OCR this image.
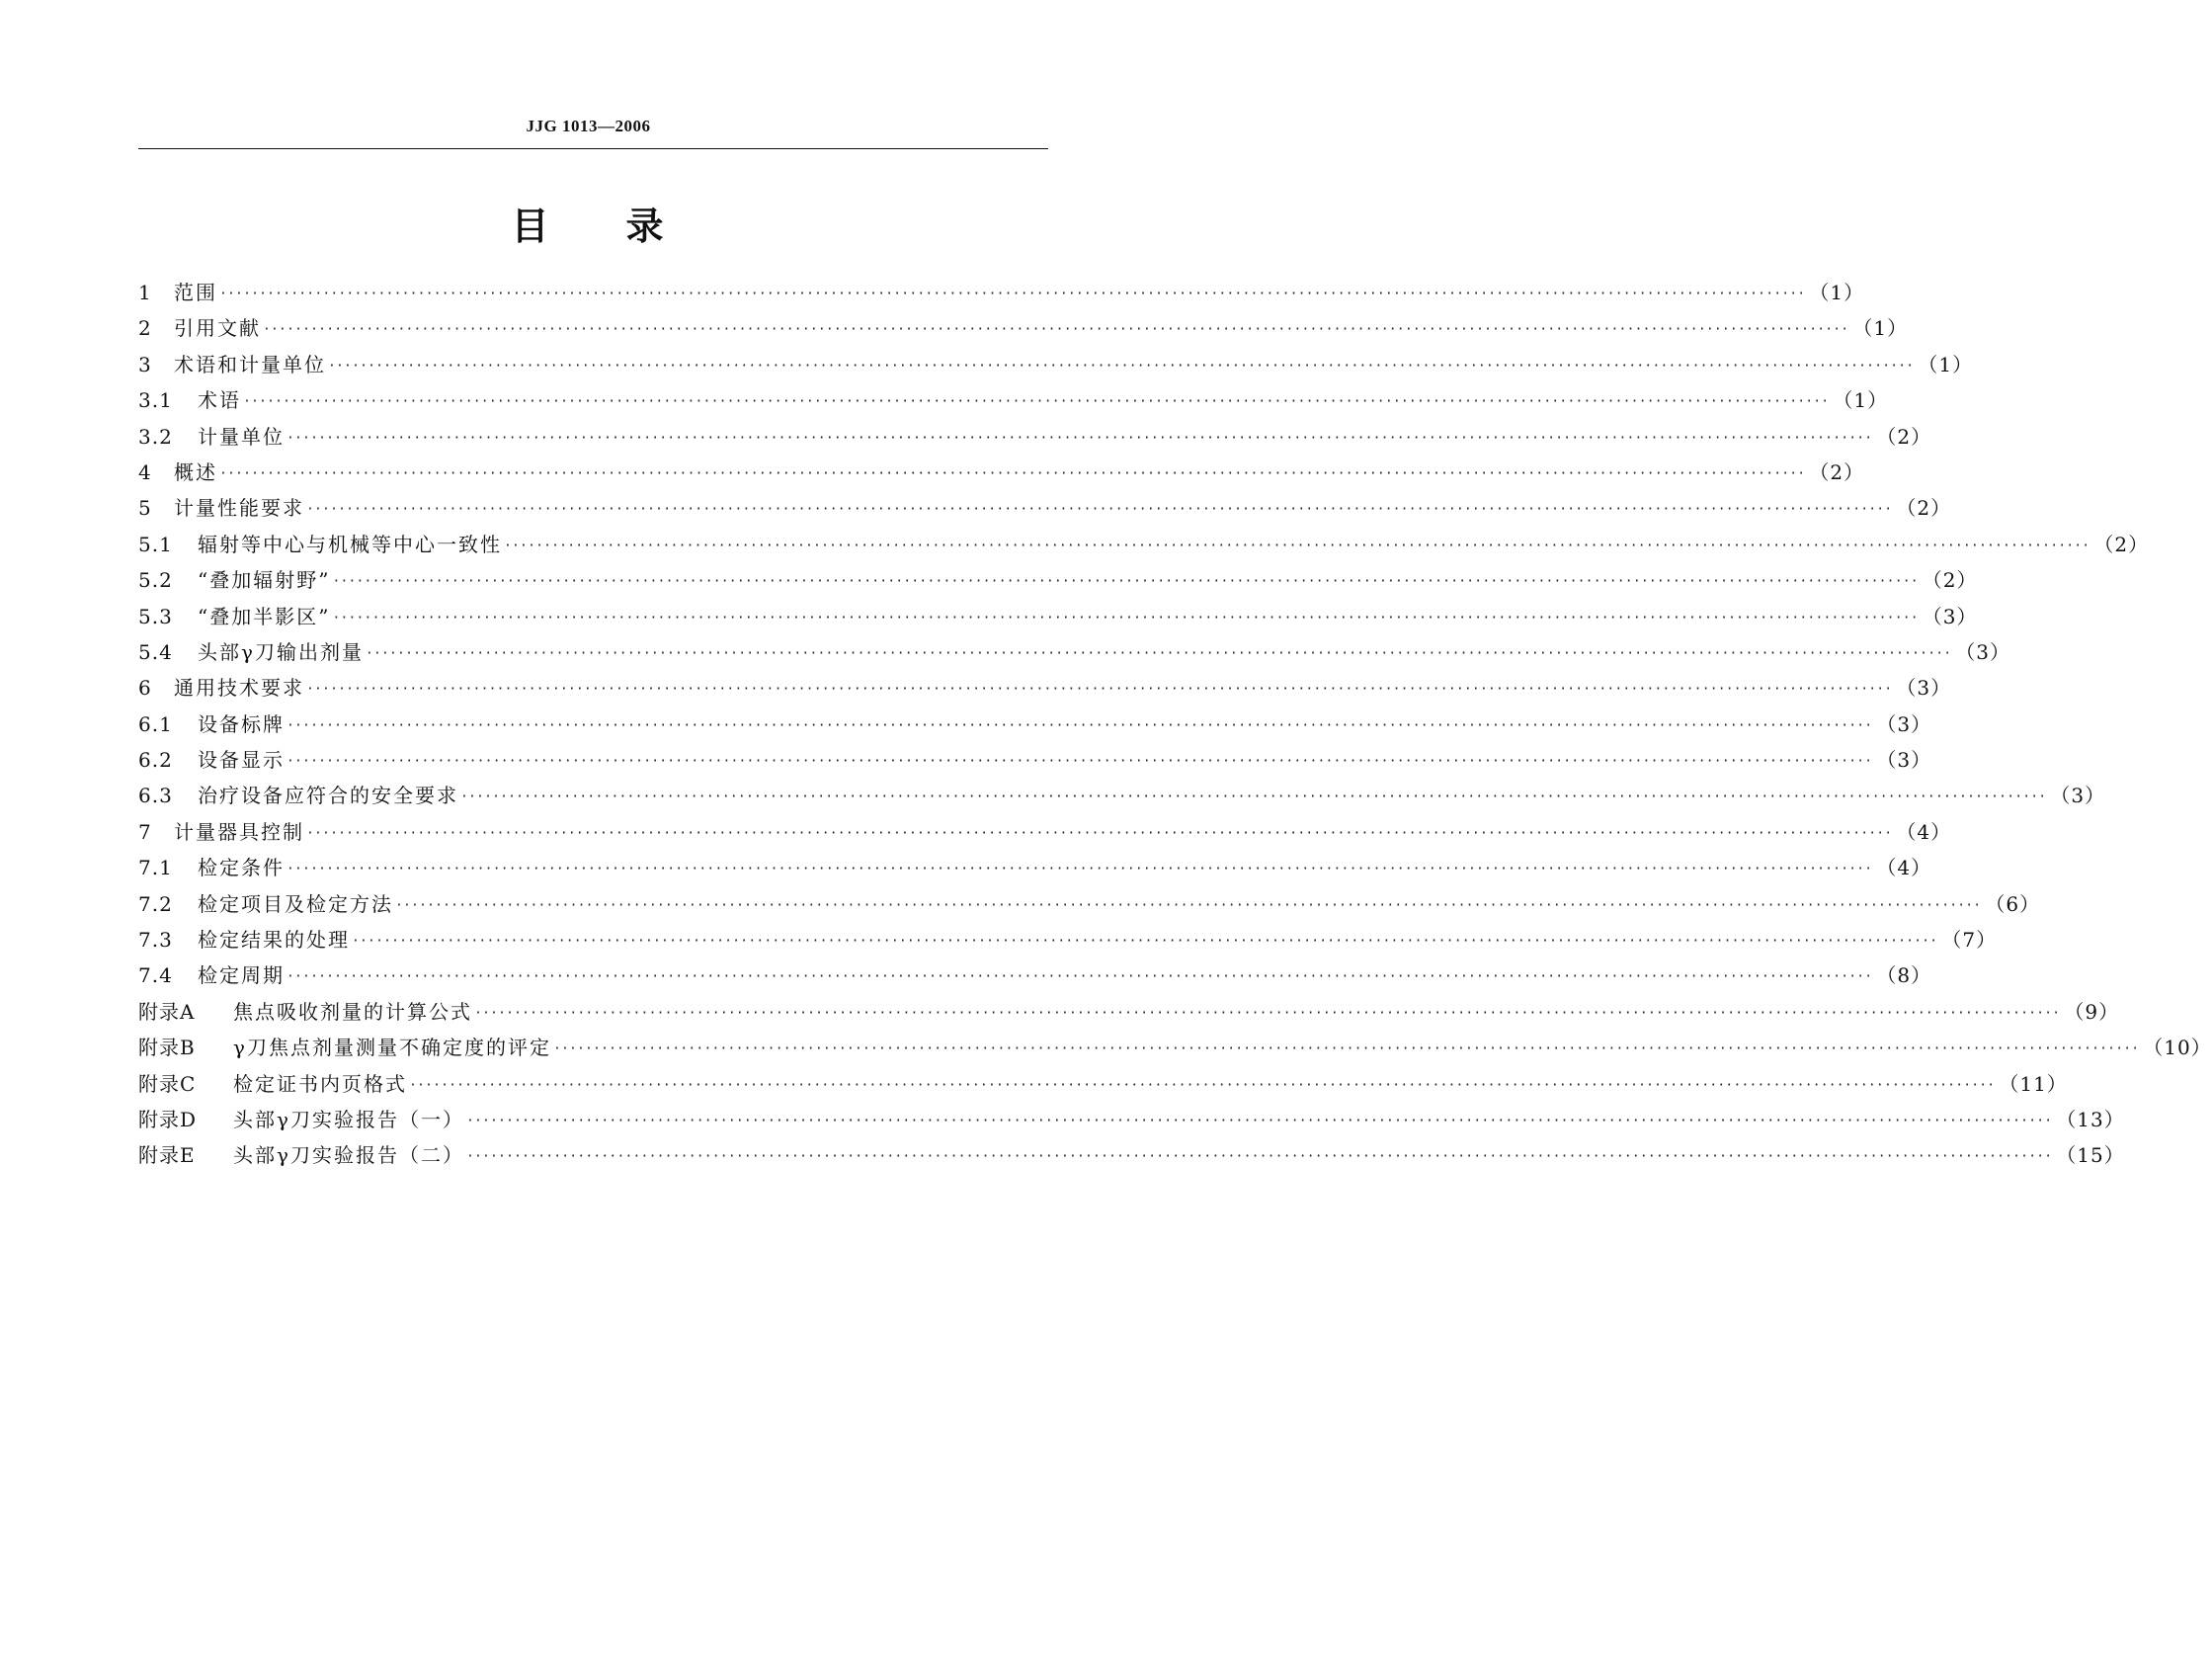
JJG 1013—2006
目 录
1	范围 ········································································································································································································ （1）
2	引用文献 ········································································································································································································ （1）
3	术语和计量单位 ········································································································································································································ （1）
3.1	术语 ········································································································································································································ （1）
3.2	计量单位 ········································································································································································································ （2）
4	概述 ········································································································································································································ （2）
5	计量性能要求 ········································································································································································································ （2）
5.1	辐射等中心与机械等中心一致性 ········································································································································································································ （2）
5.2	“叠加辐射野” ········································································································································································································ （2）
5.3	“叠加半影区” ········································································································································································································ （3）
5.4	头部γ刀输出剂量 ········································································································································································································ （3）
6	通用技术要求 ········································································································································································································ （3）
6.1	设备标牌 ········································································································································································································ （3）
6.2	设备显示 ········································································································································································································ （3）
6.3	治疗设备应符合的安全要求 ········································································································································································································ （3）
7	计量器具控制 ········································································································································································································ （4）
7.1	检定条件 ········································································································································································································ （4）
7.2	检定项目及检定方法 ········································································································································································································ （6）
7.3	检定结果的处理 ········································································································································································································ （7）
7.4	检定周期 ········································································································································································································ （8）
附录A	焦点吸收剂量的计算公式 ········································································································································································································ （9）
附录B	γ刀焦点剂量测量不确定度的评定 ········································································································································································································ （10）
附录C	检定证书内页格式 ········································································································································································································ （11）
附录D	头部γ刀实验报告（一） ········································································································································································································ （13）
附录E	头部γ刀实验报告（二） ········································································································································································································ （15）
